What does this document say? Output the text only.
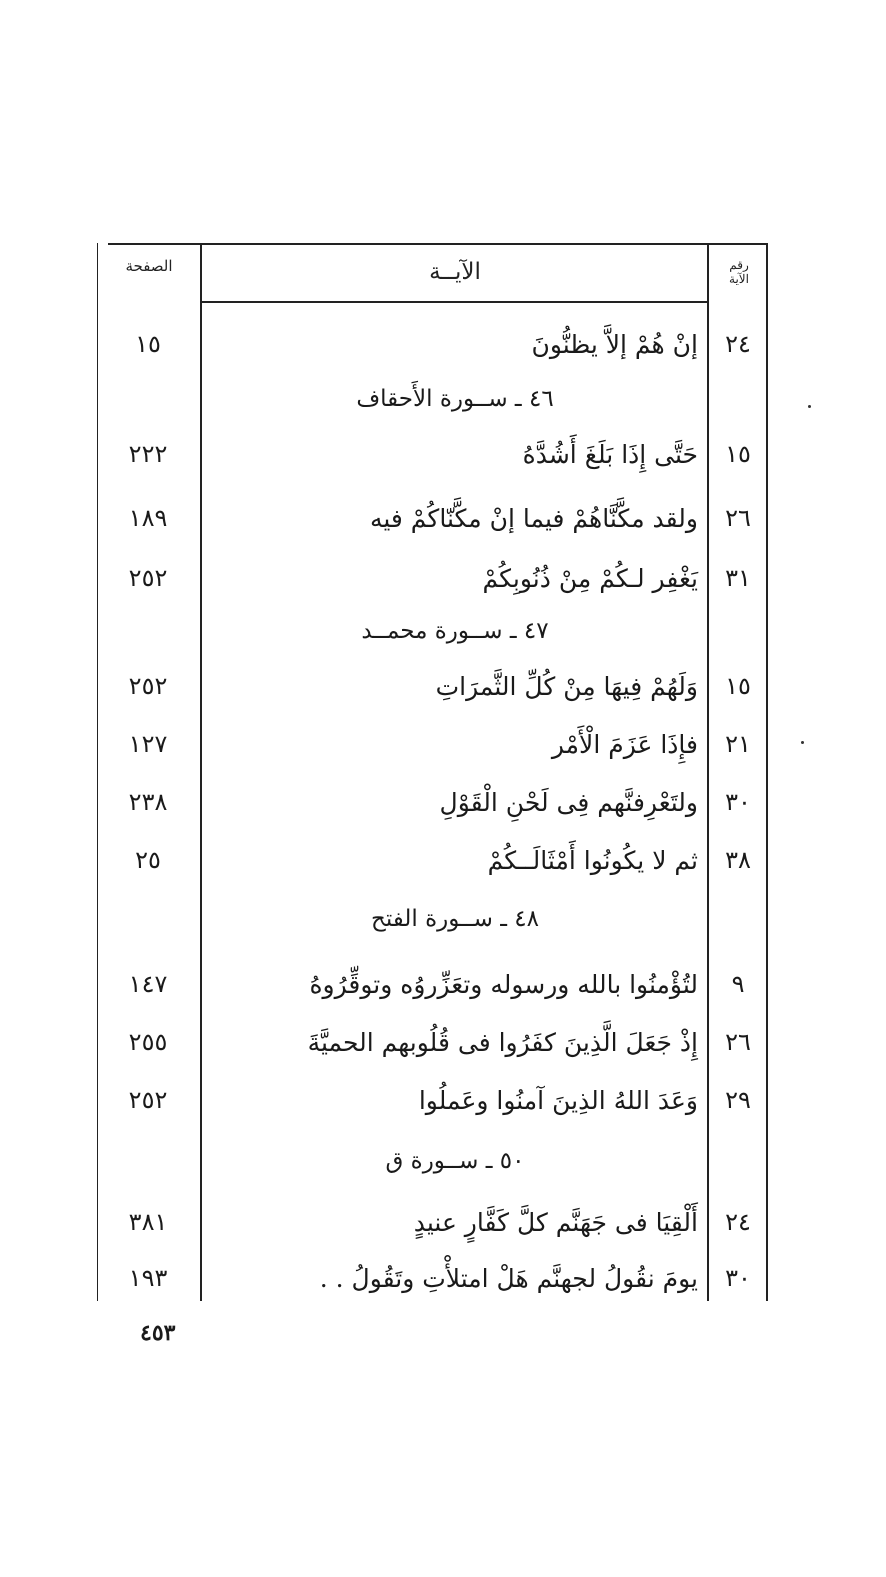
رقم
الآية
الآيــة
الصفحة
٢٤
إنْ هُمْ إلاَّ يظنُّونَ
١٥
٤٦ ـ ســورة الأَحقاف
١٥
حَتَّى إِذَا بَلَغَ أَشُدَّهُ
٢٢٢
٢٦
ولقد مكَّنَّاهُمْ فيما إنْ مكَّنّاكُمْ فيه
١٨٩
٣١
يَغْفِر لـكُمْ مِنْ ذُنُوبِكُمْ
٢٥٢
٤٧ ـ ســورة محمــد
١٥
وَلَهُمْ فِيهَا مِنْ كُلِّ الثَّمرَاتِ
٢٥٢
٢١
فإِذَا عَزَمَ الْأَمْر
١٢٧
٣٠
ولتَعْرِفنَّهم فِى لَحْنِ الْقَوْلِ
٢٣٨
٣٨
ثم لا يكُونُوا أَمْثَالَــكُمْ
٢٥
٤٨ ـ ســورة الفتح
٩
لتُؤْمنُوا بالله ورسوله وتعَزِّروُه وتوقِّرُوهُ
١٤٧
٢٦
إِذْ جَعَلَ الَّذِينَ كفَرُوا فى قُلُوبهم الحميَّةَ
٢٥٥
٢٩
وَعَدَ اللهُ الذِينَ آمنُوا وعَملُوا
٢٥٢
٥٠ ـ ســورة ق
٢٤
أَلْقِيَا فى جَهَنَّم كلَّ كَفَّارٍ عنيدٍ
٣٨١
٣٠
يومَ نقُولُ لجهنَّم هَلْ امتلأْتِ وتَقُولُ . .
١٩٣
٤٥٣
